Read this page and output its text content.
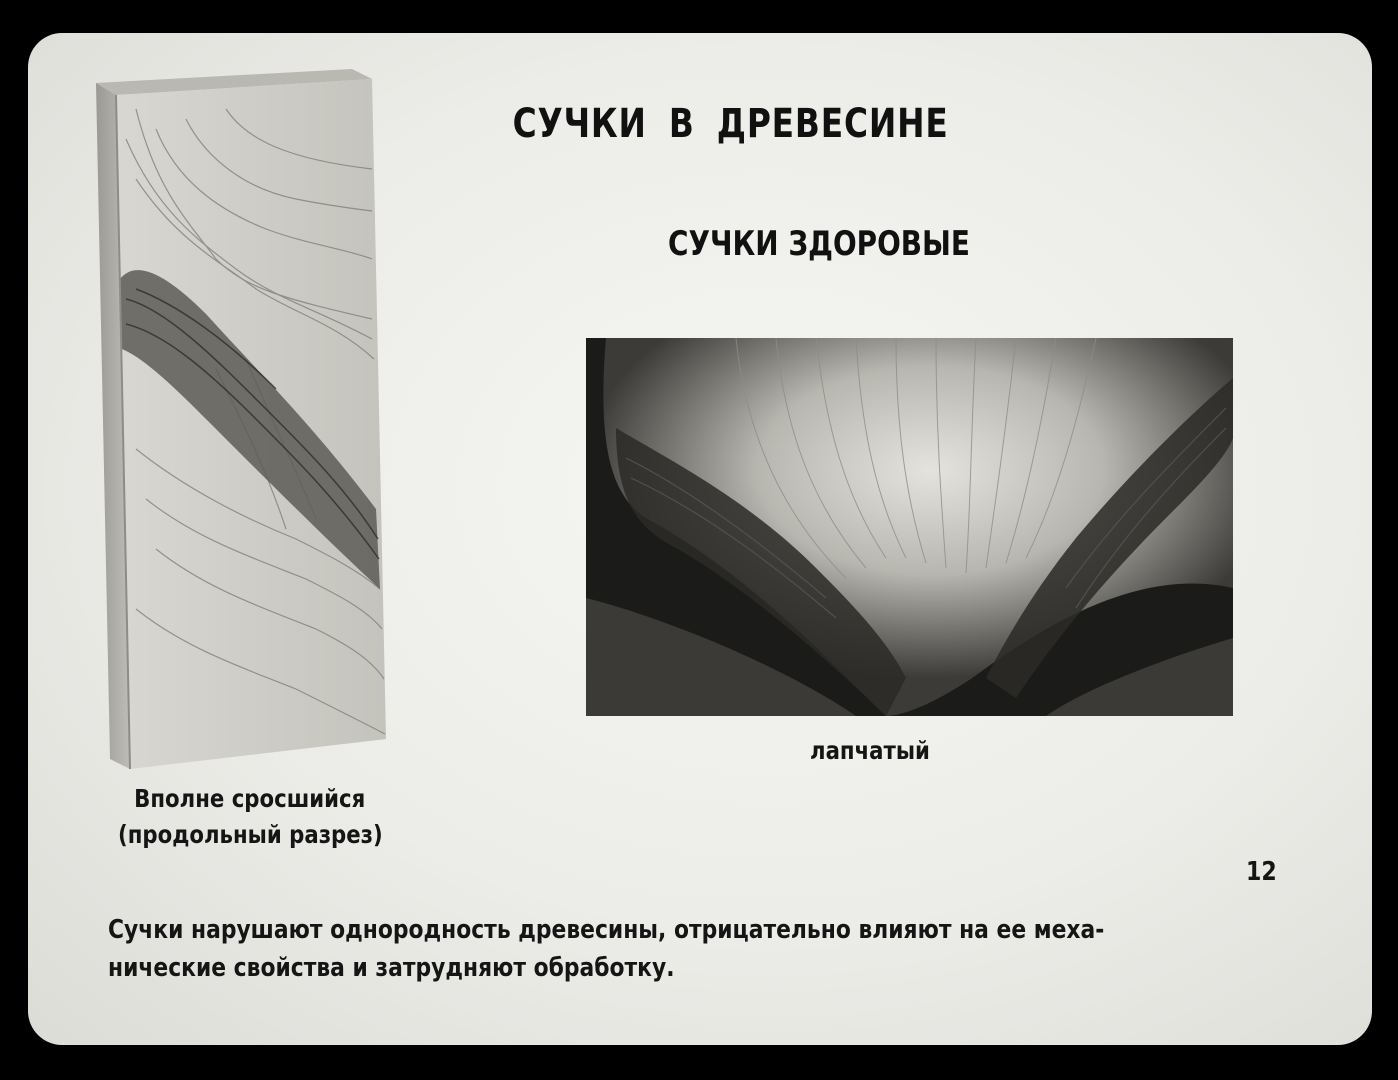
СУЧКИ В ДРЕВЕСИНЕ
СУЧКИ ЗДОРОВЫЕ
Вполне сросшийся
(продольный разрез)
лапчатый
12
Сучки нарушают однородность древесины, отрицательно влияют на ее меха-
нические свойства и затрудняют обработку.
